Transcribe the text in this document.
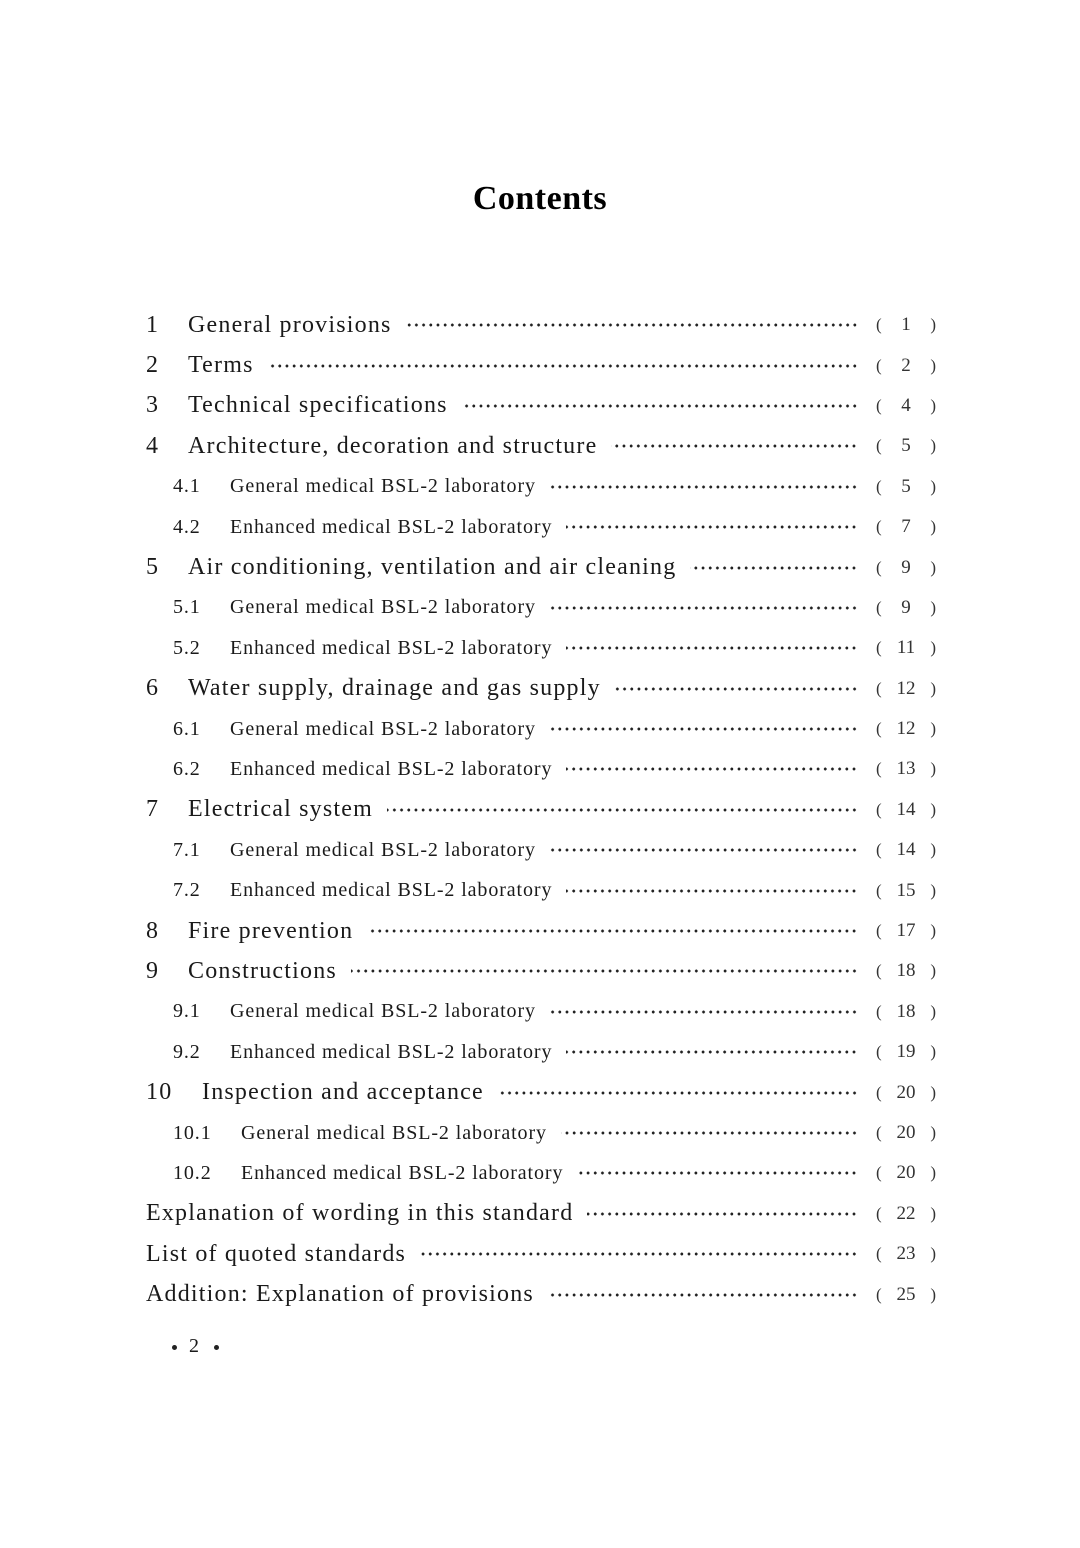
Contents
1	General provisions	(	1	)
2	Terms	(	2	)
3	Technical specifications	(	4	)
4	Architecture, decoration and structure	(	5	)
4.1	General medical BSL-2 laboratory	(	5	)
4.2	Enhanced medical BSL-2 laboratory	(	7	)
5	Air conditioning, ventilation and air cleaning	(	9	)
5.1	General medical BSL-2 laboratory	(	9	)
5.2	Enhanced medical BSL-2 laboratory	( 11 )
6	Water supply, drainage and gas supply	( 12 )
6.1	General medical BSL-2 laboratory	( 12 )
6.2	Enhanced medical BSL-2 laboratory	( 13 )
7	Electrical system	( 14 )
7.1	General medical BSL-2 laboratory	( 14 )
7.2	Enhanced medical BSL-2 laboratory	( 15 )
8	Fire prevention	( 17 )
9	Constructions	( 18 )
9.1	General medical BSL-2 laboratory	( 18 )
9.2	Enhanced medical BSL-2 laboratory	( 19 )
10	Inspection and acceptance	( 20 )
10.1	General medical BSL-2 laboratory	( 20 )
10.2	Enhanced medical BSL-2 laboratory	( 20 )
Explanation of wording in this standard	( 22 )
List of quoted standards	( 23 )
Addition: Explanation of provisions	( 25 )
2
